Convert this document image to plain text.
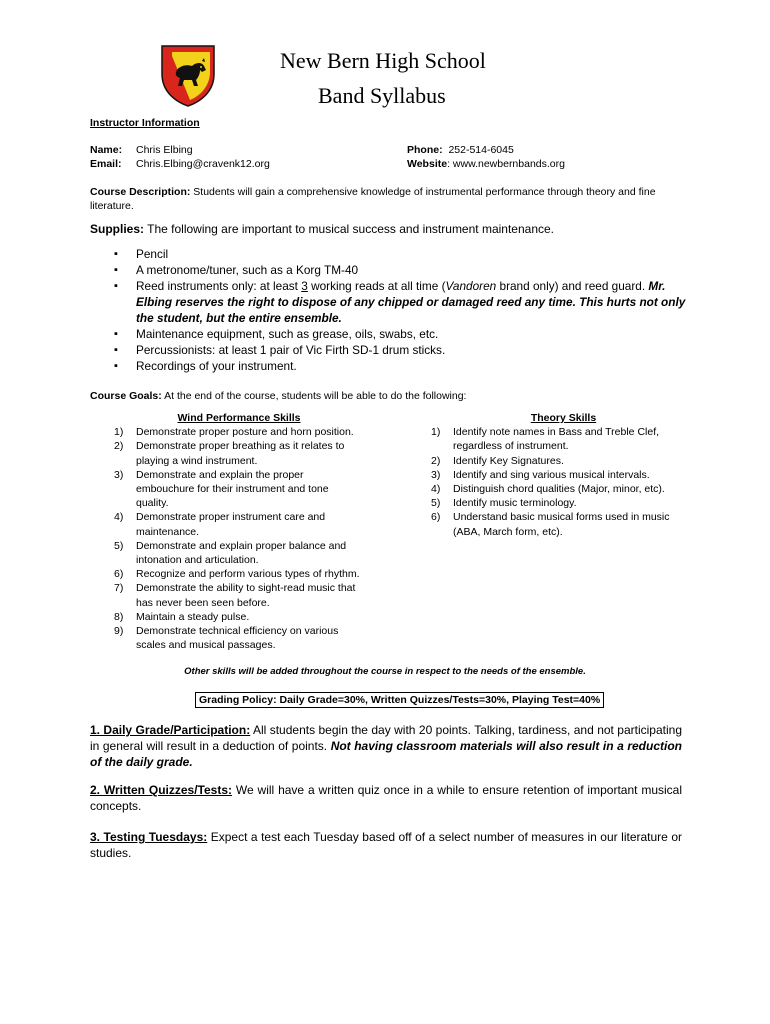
New Bern High School
Band Syllabus
Instructor Information
Name: Chris Elbing
Email: Chris.Elbing@cravenk12.org
Phone: 252-514-6045
Website: www.newbernbands.org
Course Description: Students will gain a comprehensive knowledge of instrumental performance through theory and fine literature.
Supplies: The following are important to musical success and instrument maintenance.
▪ Pencil
▪ A metronome/tuner, such as a Korg TM-40
▪ Reed instruments only: at least 3 working reads at all time (Vandoren brand only) and reed guard. Mr. Elbing reserves the right to dispose of any chipped or damaged reed any time. This hurts not only the student, but the entire ensemble.
▪ Maintenance equipment, such as grease, oils, swabs, etc.
▪ Percussionists: at least 1 pair of Vic Firth SD-1 drum sticks.
▪ Recordings of your instrument.
Course Goals: At the end of the course, students will be able to do the following:
Wind Performance Skills
1) Demonstrate proper posture and horn position.
2) Demonstrate proper breathing as it relates to playing a wind instrument.
3) Demonstrate and explain the proper embouchure for their instrument and tone quality.
4) Demonstrate proper instrument care and maintenance.
5) Demonstrate and explain proper balance and intonation and articulation.
6) Recognize and perform various types of rhythm.
7) Demonstrate the ability to sight-read music that has never been seen before.
8) Maintain a steady pulse.
9) Demonstrate technical efficiency on various scales and musical passages.
Theory Skills
1) Identify note names in Bass and Treble Clef, regardless of instrument.
2) Identify Key Signatures.
3) Identify and sing various musical intervals.
4) Distinguish chord qualities (Major, minor, etc).
5) Identify music terminology.
6) Understand basic musical forms used in music (ABA, March form, etc).
Other skills will be added throughout the course in respect to the needs of the ensemble.
Grading Policy: Daily Grade=30%, Written Quizzes/Tests=30%, Playing Test=40%
1. Daily Grade/Participation: All students begin the day with 20 points. Talking, tardiness, and not participating in general will result in a deduction of points. Not having classroom materials will also result in a reduction of the daily grade.
2. Written Quizzes/Tests: We will have a written quiz once in a while to ensure retention of important musical concepts.
3. Testing Tuesdays: Expect a test each Tuesday based off of a select number of measures in our literature or studies.
